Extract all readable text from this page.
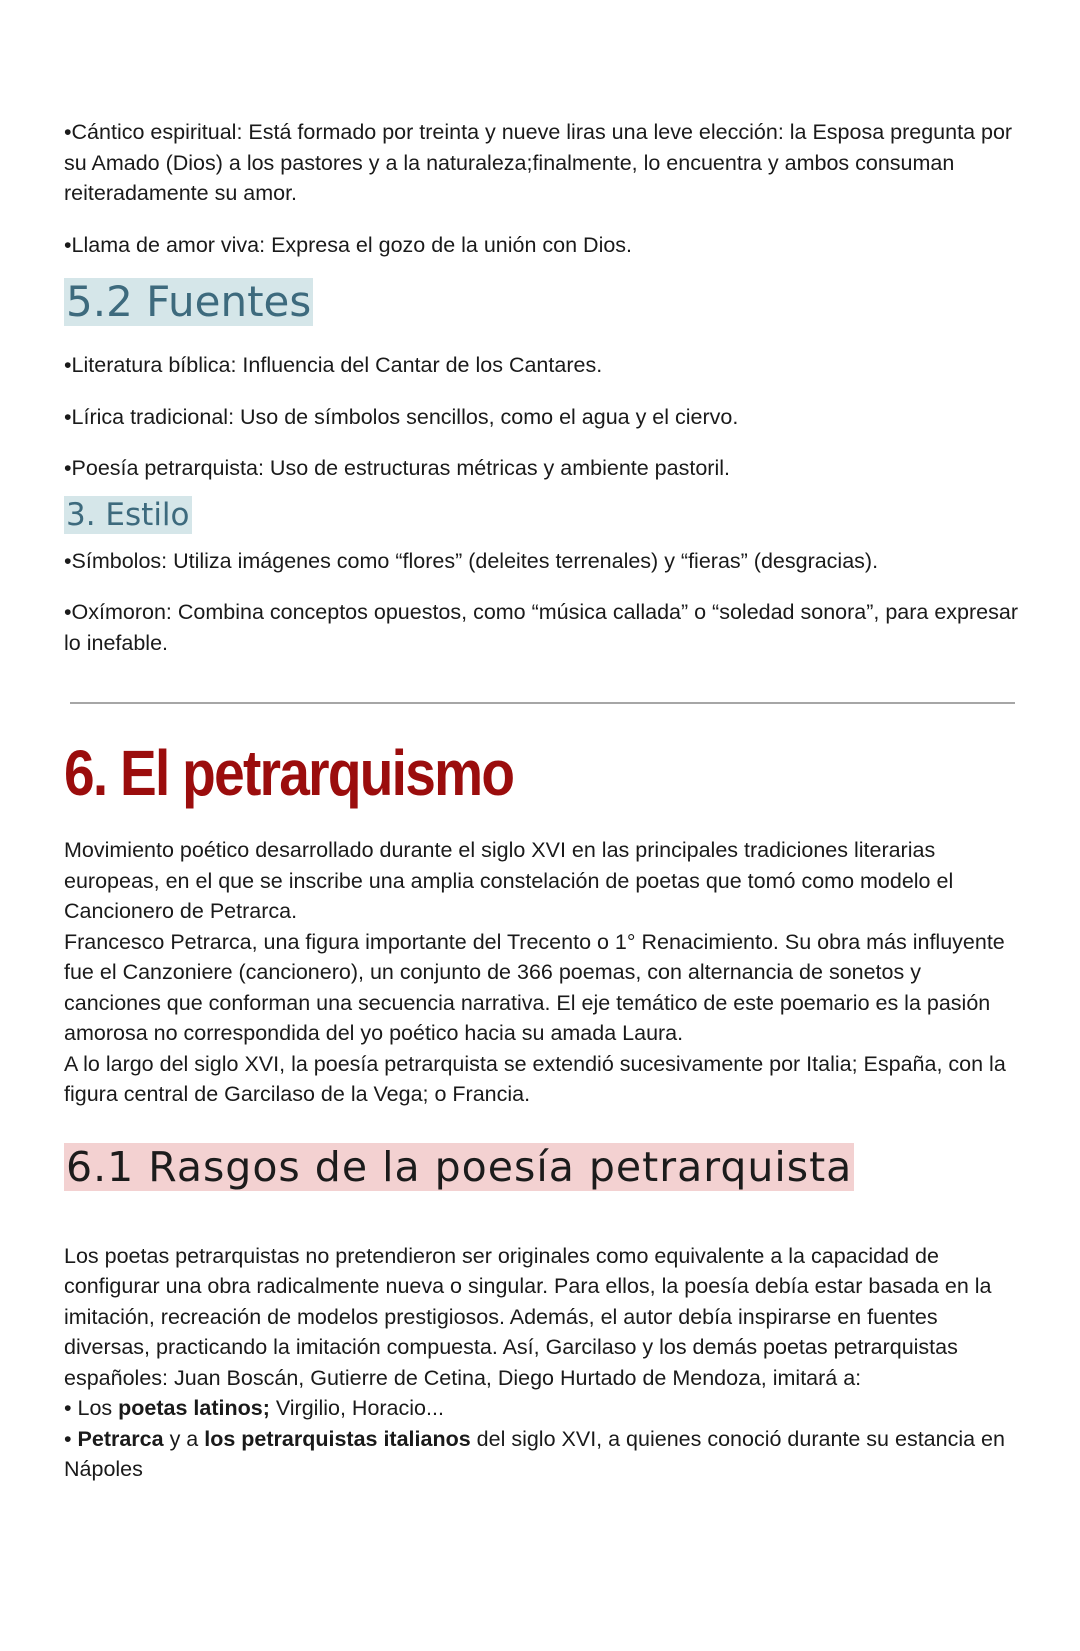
•Cántico espiritual: Está formado por treinta y nueve liras una leve elección: la Esposa pregunta por su Amado (Dios) a los pastores y a la naturaleza;finalmente, lo encuentra y ambos consuman reiteradamente su amor.

•Llama de amor viva: Expresa el gozo de la unión con Dios.

5.2 Fuentes

•Literatura bíblica: Influencia del Cantar de los Cantares.

•Lírica tradicional: Uso de símbolos sencillos, como el agua y el ciervo.

•Poesía petrarquista: Uso de estructuras métricas y ambiente pastoril.

3. Estilo

•Símbolos: Utiliza imágenes como “flores” (deleites terrenales) y “fieras” (desgracias).

•Oxímoron: Combina conceptos opuestos, como “música callada” o “soledad sonora”, para expresar lo inefable.

6. El petrarquismo

Movimiento poético desarrollado durante el siglo XVI en las principales tradiciones literarias europeas, en el que se inscribe una amplia constelación de poetas que tomó como modelo el Cancionero de Petrarca.

Francesco Petrarca, una figura importante del Trecento o 1° Renacimiento. Su obra más influyente fue el Canzoniere (cancionero), un conjunto de 366 poemas, con alternancia de sonetos y canciones que conforman una secuencia narrativa. El eje temático de este poemario es la pasión amorosa no correspondida del yo poético hacia su amada Laura.

A lo largo del siglo XVI, la poesía petrarquista se extendió sucesivamente por Italia; España, con la figura central de Garcilaso de la Vega; o Francia.

6.1 Rasgos de la poesía petrarquista

Los poetas petrarquistas no pretendieron ser originales como equivalente a la capacidad de configurar una obra radicalmente nueva o singular. Para ellos, la poesía debía estar basada en la imitación, recreación de modelos prestigiosos. Además, el autor debía inspirarse en fuentes diversas, practicando la imitación compuesta. Así, Garcilaso y los demás poetas petrarquistas españoles: Juan Boscán, Gutierre de Cetina, Diego Hurtado de Mendoza, imitará a:

• Los poetas latinos; Virgilio, Horacio...

• Petrarca y a los petrarquistas italianos del siglo XVI, a quienes conoció durante su estancia en Nápoles
